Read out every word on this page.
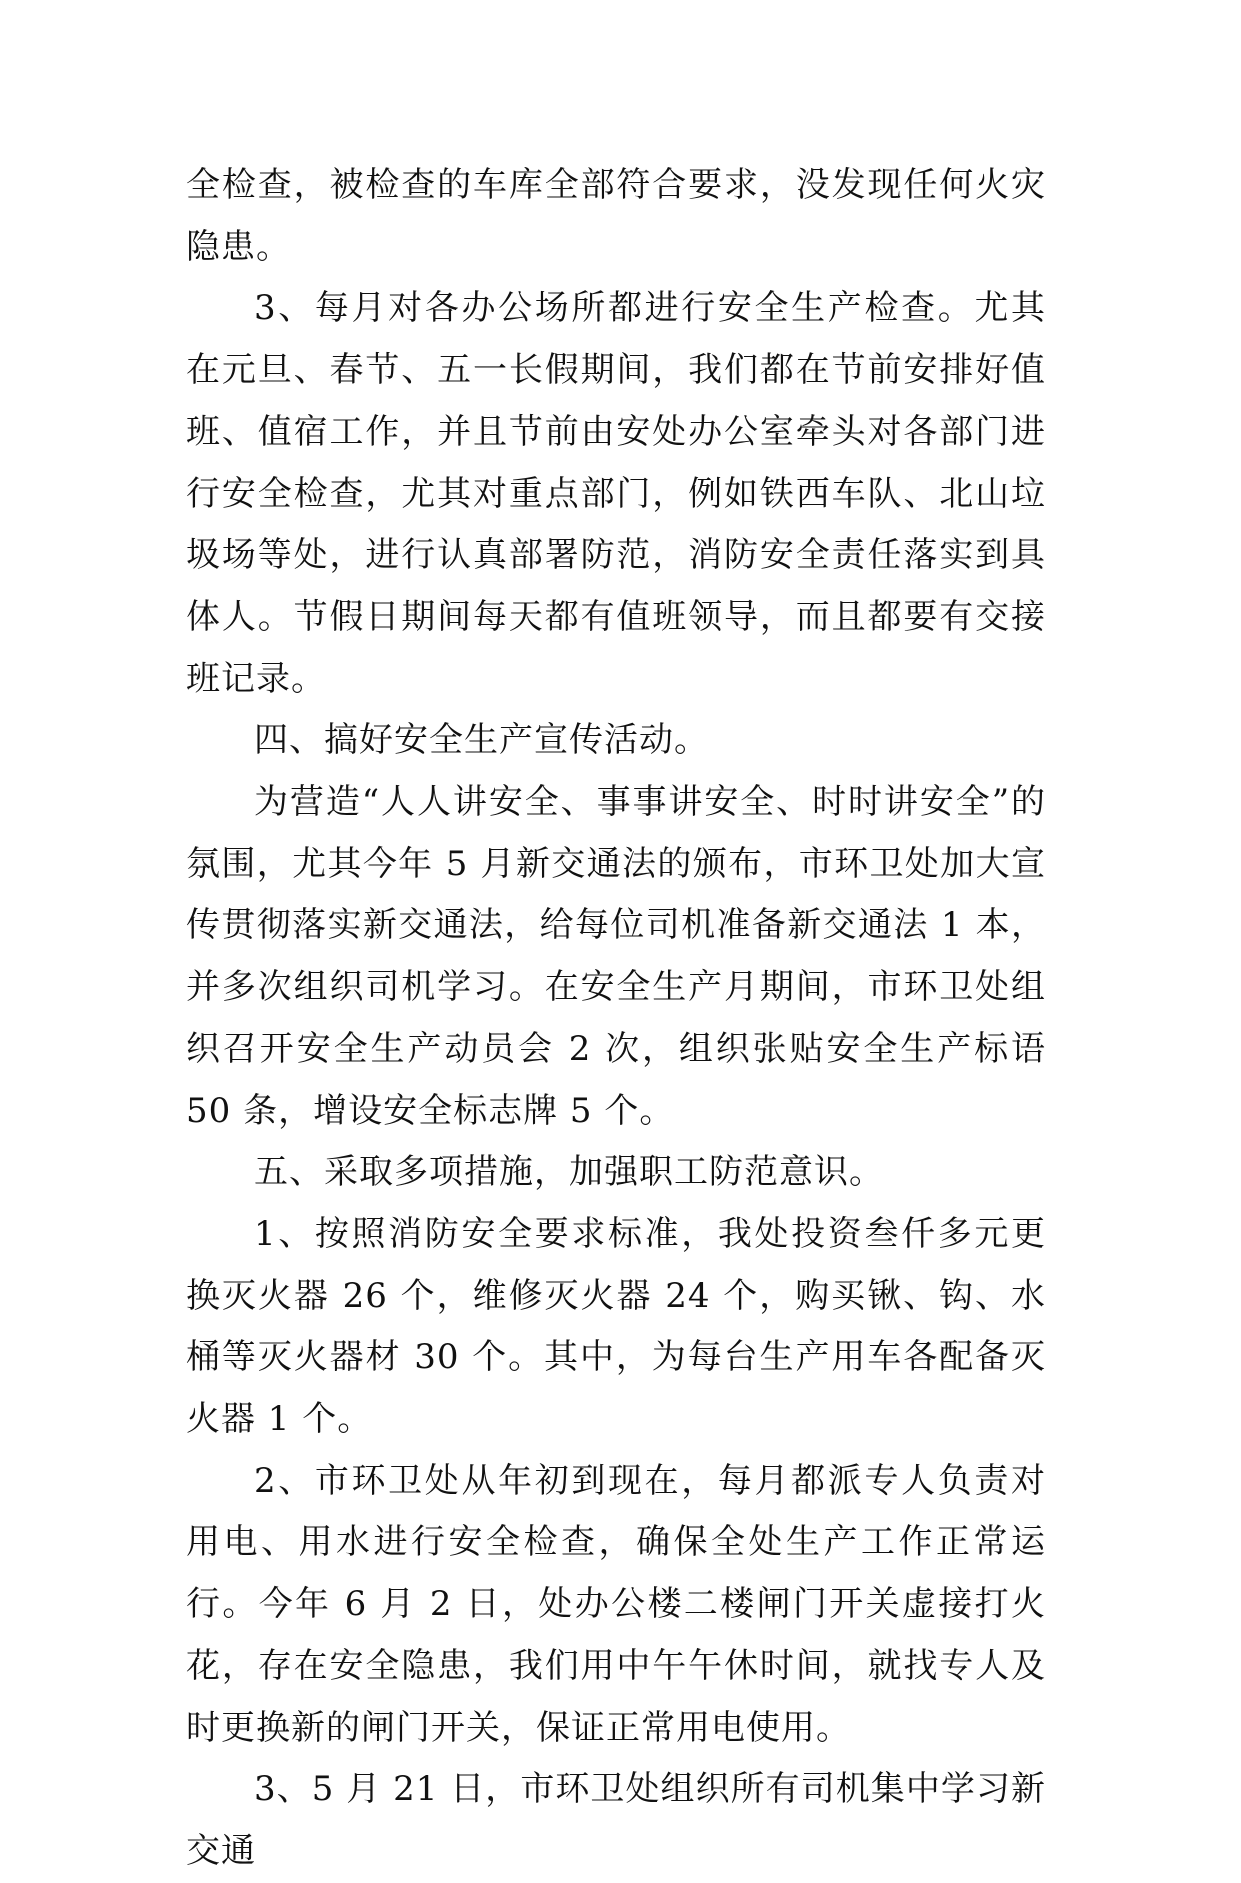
全检查，被检查的车库全部符合要求，没发现任何火灾隐患。

3、每月对各办公场所都进行安全生产检查。尤其在元旦、春节、五一长假期间，我们都在节前安排好值班、值宿工作，并且节前由安处办公室牵头对各部门进行安全检查，尤其对重点部门，例如铁西车队、北山垃圾场等处，进行认真部署防范，消防安全责任落实到具体人。节假日期间每天都有值班领导，而且都要有交接班记录。

四、搞好安全生产宣传活动。

为营造“人人讲安全、事事讲安全、时时讲安全”的氛围，尤其今年 5 月新交通法的颁布，市环卫处加大宣传贯彻落实新交通法，给每位司机准备新交通法 1 本，并多次组织司机学习。在安全生产月期间，市环卫处组织召开安全生产动员会 2 次，组织张贴安全生产标语 50 条，增设安全标志牌 5 个。

五、采取多项措施，加强职工防范意识。

1、按照消防安全要求标准，我处投资叁仟多元更换灭火器 26 个，维修灭火器 24 个，购买锹、钩、水桶等灭火器材 30 个。其中，为每台生产用车各配备灭火器 1 个。

2、市环卫处从年初到现在，每月都派专人负责对用电、用水进行安全检查，确保全处生产工作正常运行。今年 6 月 2 日，处办公楼二楼闸门开关虚接打火花，存在安全隐患，我们用中午午休时间，就找专人及时更换新的闸门开关，保证正常用电使用。

3、5 月 21 日，市环卫处组织所有司机集中学习新交通
